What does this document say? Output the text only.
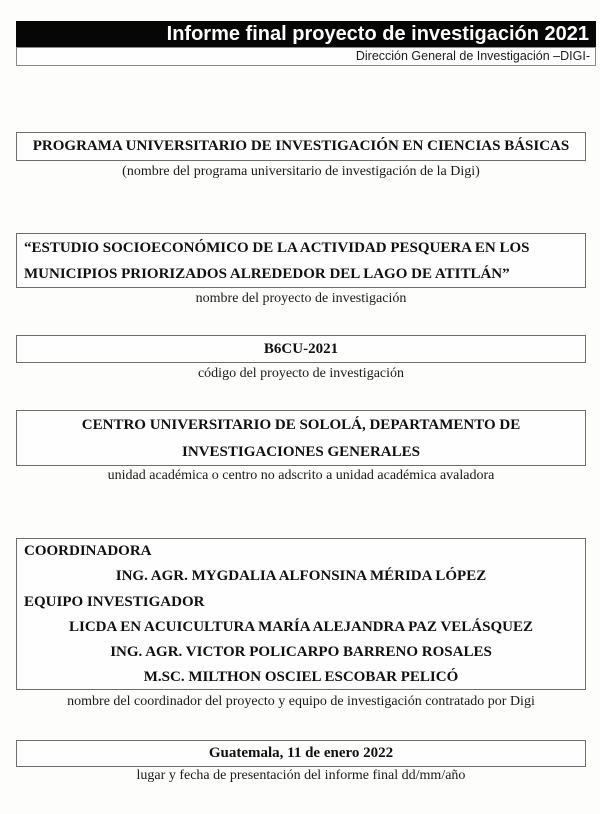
Informe final proyecto de investigación 2021
Dirección General de Investigación –DIGI-
PROGRAMA UNIVERSITARIO DE INVESTIGACIÓN EN CIENCIAS BÁSICAS
(nombre del programa universitario de investigación de la Digi)
“ESTUDIO SOCIOECONÓMICO DE LA ACTIVIDAD PESQUERA EN LOS
MUNICIPIOS PRIORIZADOS ALREDEDOR DEL LAGO DE ATITLÁN”
nombre del proyecto de investigación
B6CU-2021
código del proyecto de investigación
CENTRO UNIVERSITARIO DE SOLOLÁ, DEPARTAMENTO DE
INVESTIGACIONES GENERALES
unidad académica o centro no adscrito a unidad académica avaladora
COORDINADORA
ING. AGR. MYGDALIA ALFONSINA MÉRIDA LÓPEZ
EQUIPO INVESTIGADOR
LICDA EN ACUICULTURA MARÍA ALEJANDRA PAZ VELÁSQUEZ
ING. AGR. VICTOR POLICARPO BARRENO ROSALES
M.SC. MILTHON OSCIEL ESCOBAR PELICÓ
nombre del coordinador del proyecto y equipo de investigación contratado por Digi
Guatemala, 11 de enero 2022
lugar y fecha de presentación del informe final dd/mm/año
